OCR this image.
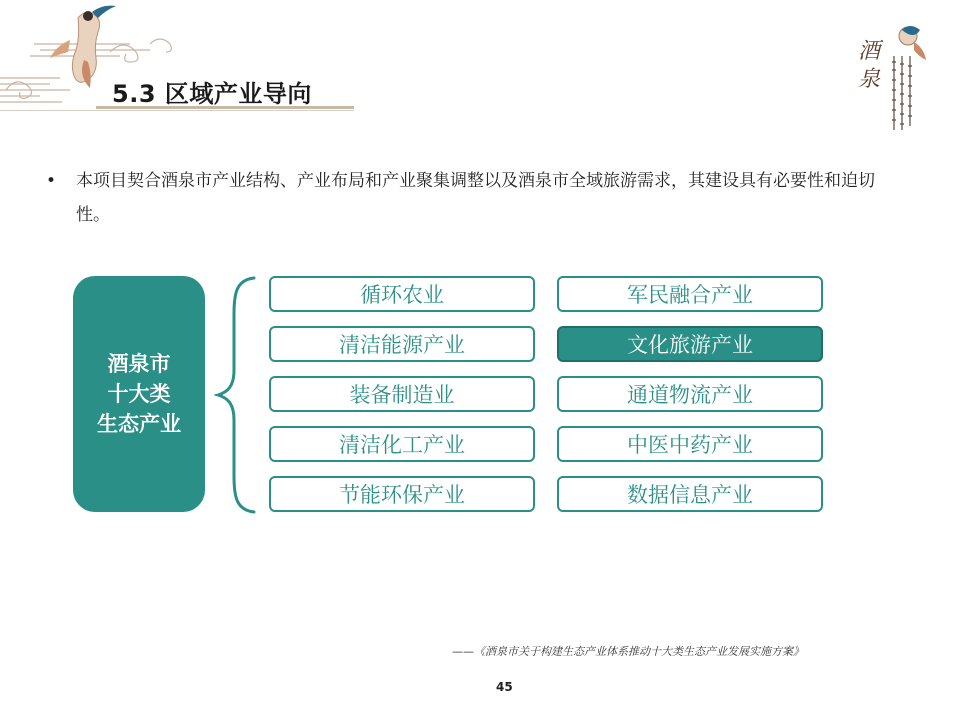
5.3 区域产业导向
酒
泉
• 本项目契合酒泉市产业结构、产业布局和产业聚集调整以及酒泉市全域旅游需求，其建设具有必要性和迫切性。
酒泉市
十大类
生态产业
循环农业	军民融合产业
清洁能源产业	文化旅游产业
装备制造业	通道物流产业
清洁化工产业	中医中药产业
节能环保产业	数据信息产业
——《酒泉市关于构建生态产业体系推动十大类生态产业发展实施方案》
45
